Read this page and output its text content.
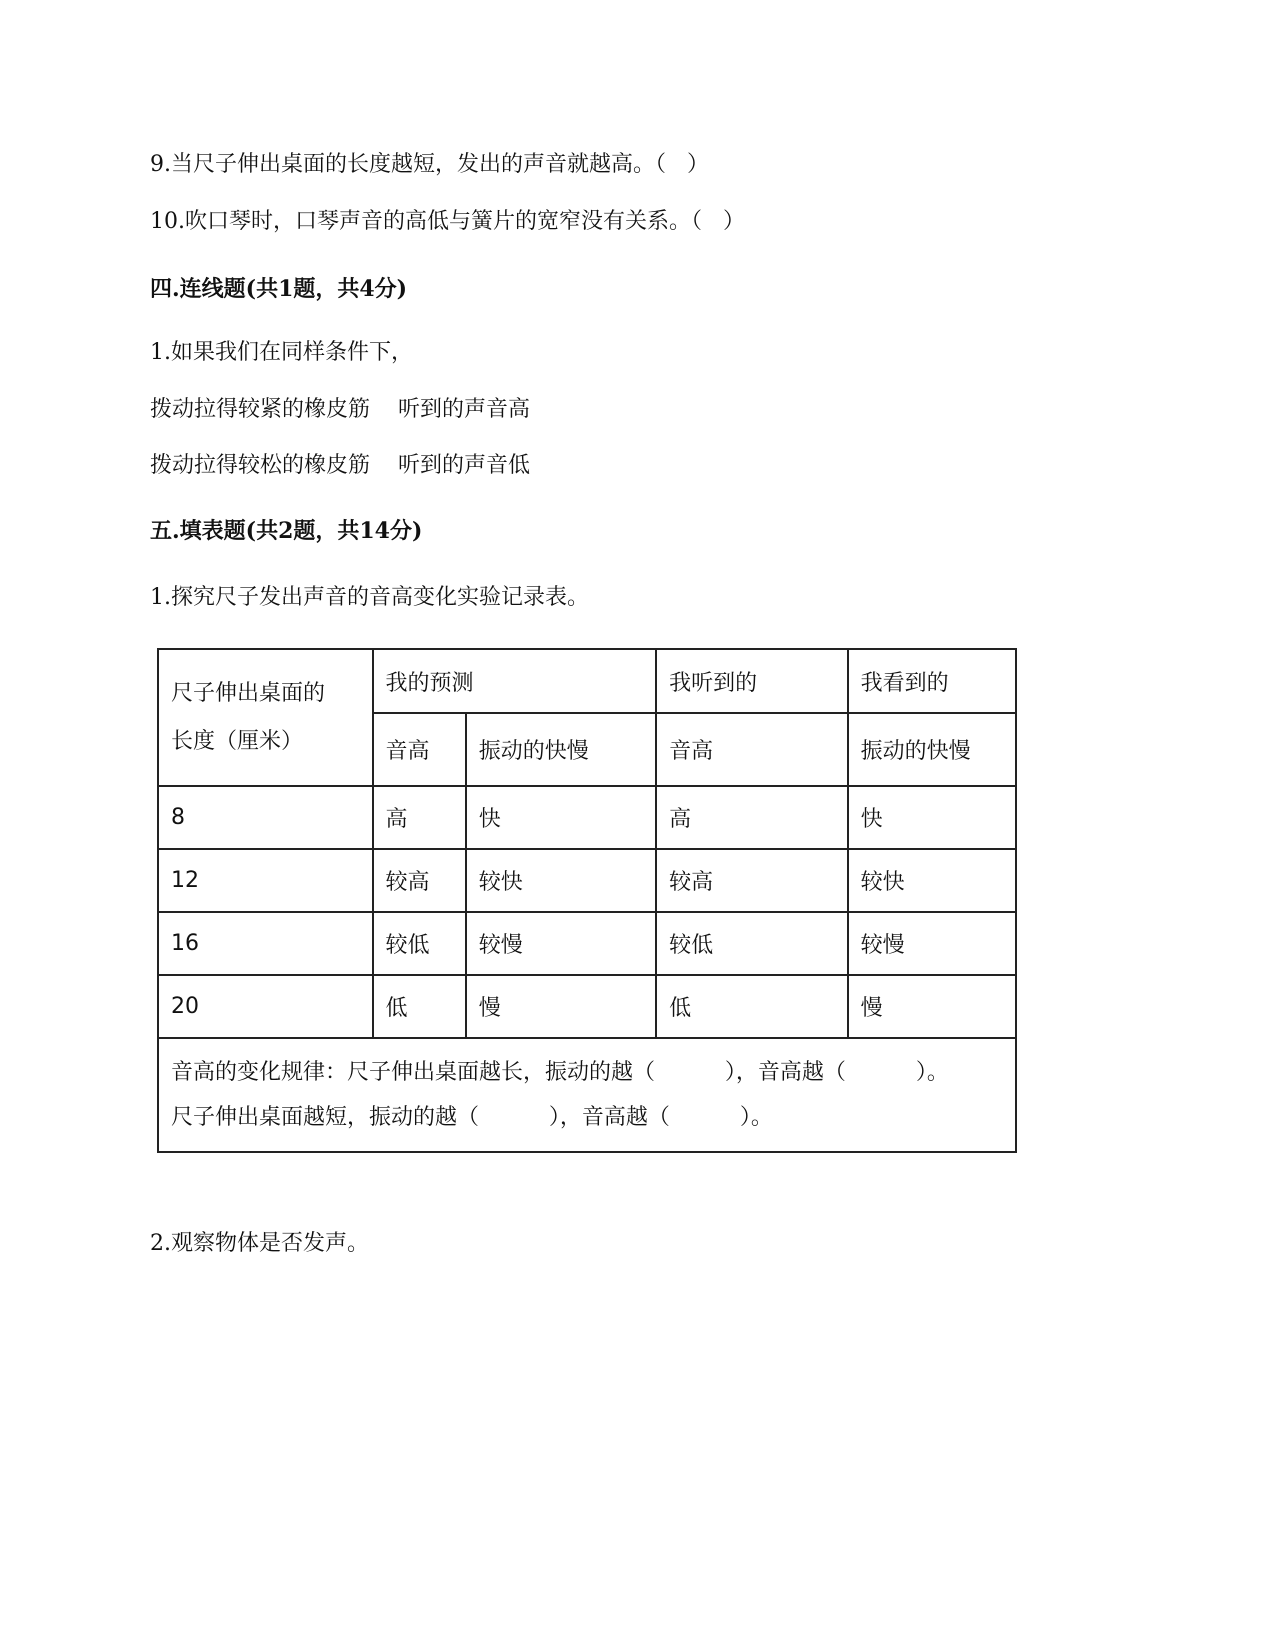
9.当尺子伸出桌面的长度越短，发出的声音就越高。（   ）
10.吹口琴时，口琴声音的高低与簧片的宽窄没有关系。（   ）
四.连线题(共1题，共4分)
1.如果我们在同样条件下，
拨动拉得较紧的橡皮筋    听到的声音高
拨动拉得较松的橡皮筋    听到的声音低
五.填表题(共2题，共14分)
1.探究尺子发出声音的音高变化实验记录表。
尺子伸出桌面的
长度（厘米）	我的预测		我听到的	我看到的
	音高	振动的快慢	音高	振动的快慢
8	高	快	高	快
12	较高	较快	较高	较快
16	较低	较慢	较低	较慢
20	低	慢	低	慢

音高的变化规律：尺子伸出桌面越长，振动的越（          ），音高越（          ）。
尺子伸出桌面越短，振动的越（          ），音高越（          ）。				
2.观察物体是否发声。
